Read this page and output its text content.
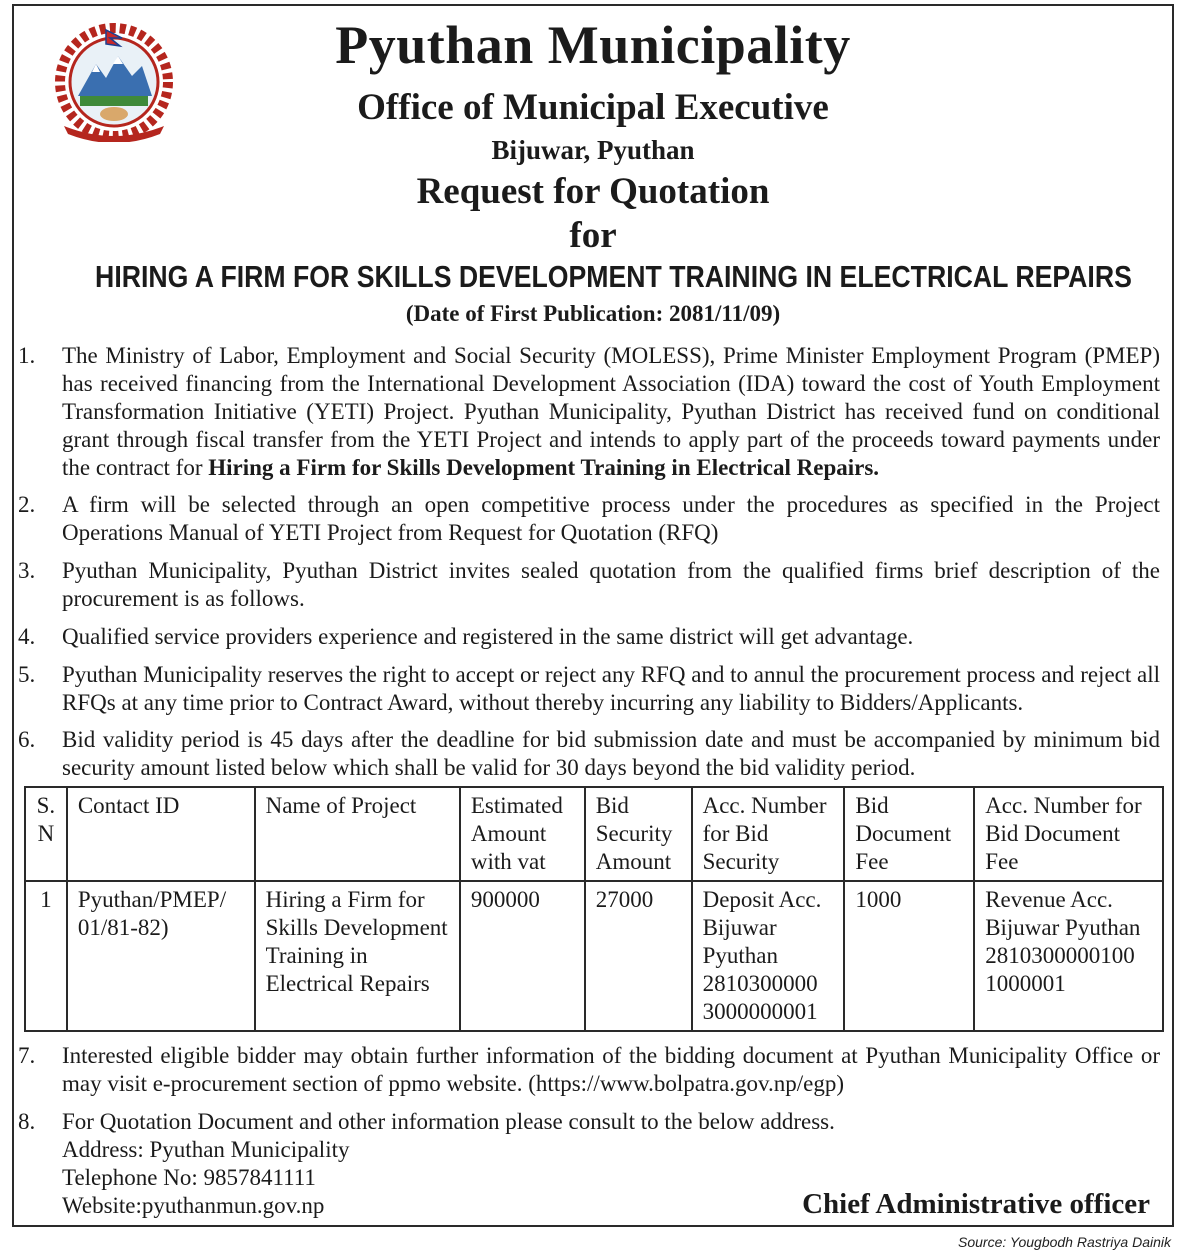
Pyuthan Municipality
Office of Municipal Executive
Bijuwar, Pyuthan
Request for Quotation
for
HIRING A FIRM FOR SKILLS DEVELOPMENT TRAINING IN ELECTRICAL REPAIRS
(Date of First Publication: 2081/11/09)
1.	The Ministry of Labor, Employment and Social Security (MOLESS), Prime Minister Employment Program (PMEP) has received financing from the International Development Association (IDA) toward the cost of Youth Employment Transformation Initiative (YETI) Project. Pyuthan Municipality, Pyuthan District has received fund on conditional grant through fiscal transfer from the YETI Project and intends to apply part of the proceeds toward payments under the contract for Hiring a Firm for Skills Development Training in Electrical Repairs.
2.	A firm will be selected through an open competitive process under the procedures as specified in the Project Operations Manual of YETI Project from Request for Quotation (RFQ)
3.	Pyuthan Municipality, Pyuthan District invites sealed quotation from the qualified firms brief description of the procurement is as follows.
4.	Qualified service providers experience and registered in the same district will get advantage.
5.	Pyuthan Municipality reserves the right to accept or reject any RFQ and to annul the procurement process and reject all RFQs at any time prior to Contract Award, without thereby incurring any liability to Bidders/Applicants.
6.	Bid validity period is 45 days after the deadline for bid submission date and must be accompanied by minimum bid security amount listed below which shall be valid for 30 days beyond the bid validity period.
S. N	Contact ID	Name of Project	Estimated Amount with vat	Bid Security Amount	Acc. Number for Bid Security	Bid Document Fee	Acc. Number for Bid Document Fee
1	Pyuthan/PMEP/ 01/81-82)	Hiring a Firm for Skills Development Training in Electrical Repairs	900000	27000	Deposit Acc. Bijuwar Pyuthan 2810300000 3000000001	1000	Revenue Acc. Bijuwar Pyuthan 2810300000100 1000001
7.	Interested eligible bidder may obtain further information of the bidding document at Pyuthan Municipality Office or may visit e-procurement section of ppmo website. (https://www.bolpatra.gov.np/egp)
8.	For Quotation Document and other information please consult to the below address.
Address: Pyuthan Municipality
Telephone No: 9857841111
Website:pyuthanmun.gov.np	Chief Administrative officer
Source: Yougbodh Rastriya Dainik
